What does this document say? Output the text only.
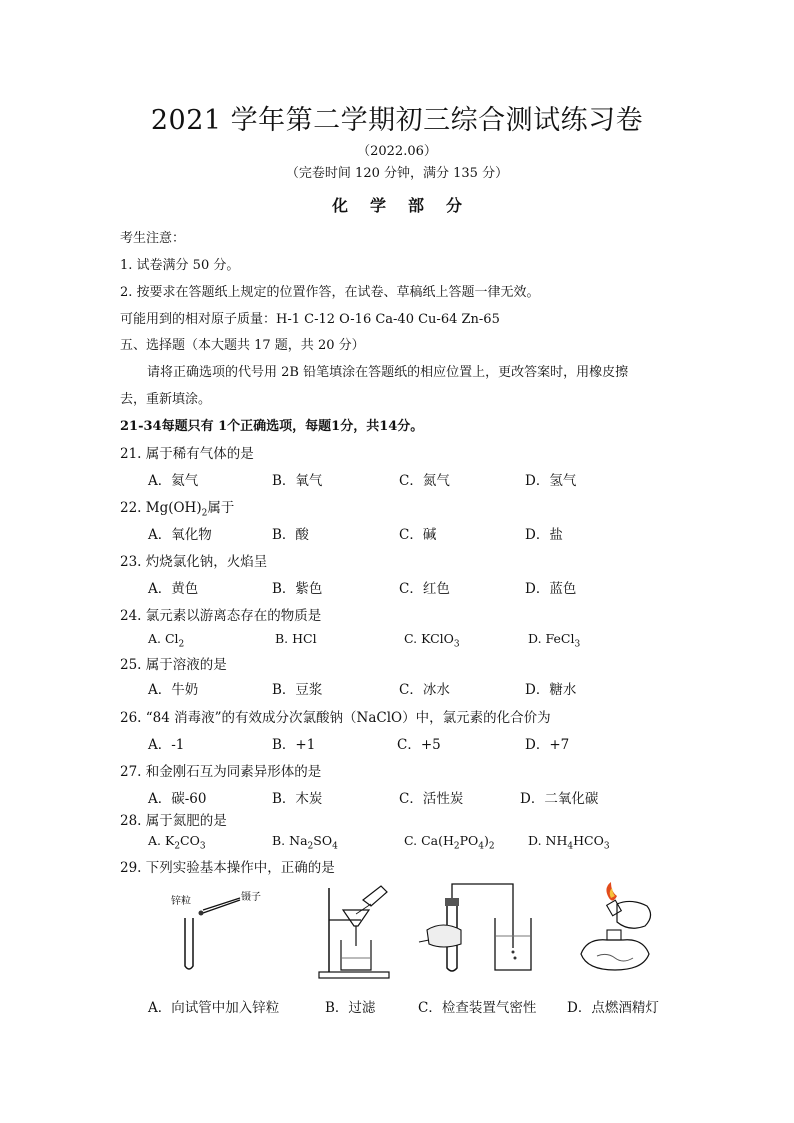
2021 学年第二学期初三综合测试练习卷
（2022.06）
（完卷时间 120 分钟，满分 135 分）
化学部分
考生注意：
1. 试卷满分 50 分。
2. 按要求在答题纸上规定的位置作答，在试卷、草稿纸上答题一律无效。
可能用到的相对原子质量：H-1 C-12 O-16 Ca-40 Cu-64 Zn-65
五、选择题（本大题共 17 题，共 20 分）
请将正确选项的代号用 2B 铅笔填涂在答题纸的相应位置上，更改答案时，用橡皮擦
去，重新填涂。
21-34每题只有 1个正确选项，每题1分，共14分。
21. 属于稀有气体的是
A．氦气	B．氧气	C．氮气	D．氢气
22. $Mg(OH)_2$属于
A．氧化物	B．酸	C．碱	D．盐
23. 灼烧氯化钠，火焰呈
A．黄色	B．紫色	C．红色	D．蓝色
24. 氯元素以游离态存在的物质是
A. $Cl_2$	B. HCl	C. KClO$_3$	D. FeCl$_3$
25. 属于溶液的是
A．牛奶	B．豆浆	C．冰水	D．糖水
26. “84 消毒液”的有效成分次氯酸钠（NaClO）中，氯元素的化合价为
A．-1	B．+1	C．+5	D．+7
27. 和金刚石互为同素异形体的是
A．碳-60	B．木炭	C．活性炭	D．二氧化碳
28. 属于氮肥的是
A. $K_2CO_3$	B. $Na_2SO_4$	C. $Ca(H_2PO_4)_2$	D. $NH_4HCO_3$
29. 下列实验基本操作中，正确的是
锌粒	镊子
A．向试管中加入锌粒	B．过滤	C．检查装置气密性 D．点燃酒精灯
